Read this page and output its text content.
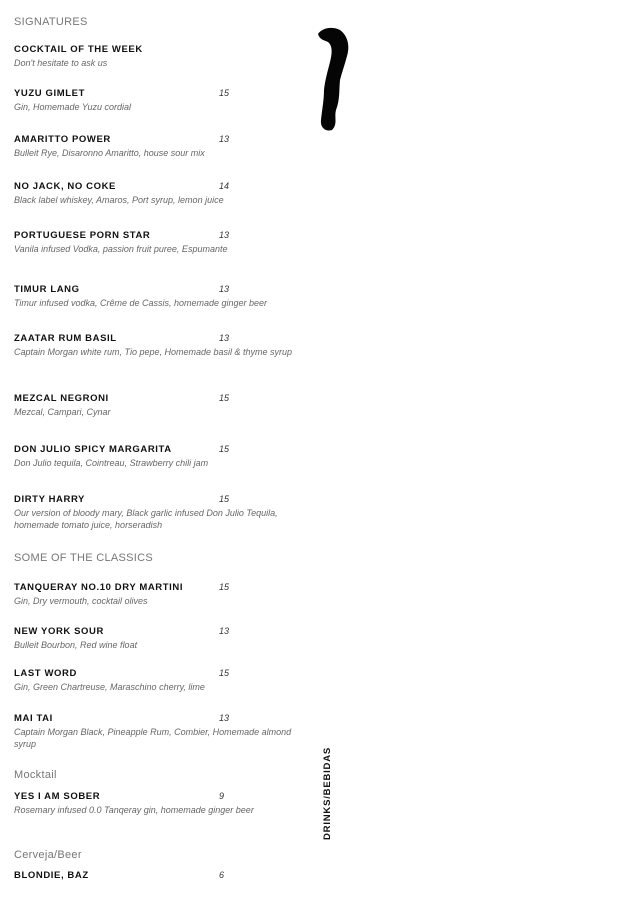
SIGNATURES
COCKTAIL OF THE WEEK
Don't hesitate to ask us
YUZU GIMLET	15
Gin, Homemade Yuzu cordial
AMARITTO POWER	13
Bulleit Rye, Disaronno Amaritto, house sour mix
NO JACK, NO COKE	14
Black label whiskey, Amaros, Port syrup, lemon juice
PORTUGUESE PORN STAR	13
Vanila infused Vodka, passion fruit puree, Espumante
TIMUR LANG	13
Timur infused vodka, Crême de Cassis, homemade ginger beer
ZAATAR RUM BASIL	13
Captain Morgan white rum, Tio pepe, Homemade basil & thyme syrup
MEZCAL NEGRONI	15
Mezcal, Campari, Cynar
DON JULIO SPICY MARGARITA	15
Don Julio tequila, Cointreau, Strawberry chili jam
DIRTY HARRY	15
Our version of bloody mary, Black garlic infused Don Julio Tequila, homemade tomato juice, horseradish
SOME OF THE CLASSICS
TANQUERAY NO.10 DRY MARTINI	15
Gin, Dry vermouth, cocktail olives
NEW YORK SOUR	13
Bulleit Bourbon, Red wine float
LAST WORD	15
Gin, Green Chartreuse, Maraschino cherry, lime
MAI TAI	13
Captain Morgan Black, Pineapple Rum, Combier, Homemade almond syrup
Mocktail
YES I AM SOBER	9
Rosemary infused 0.0 Tanqeray gin, homemade ginger beer
Cerveja/Beer
BLONDIE, BAZ	6
DRINKS/BEBIDAS
